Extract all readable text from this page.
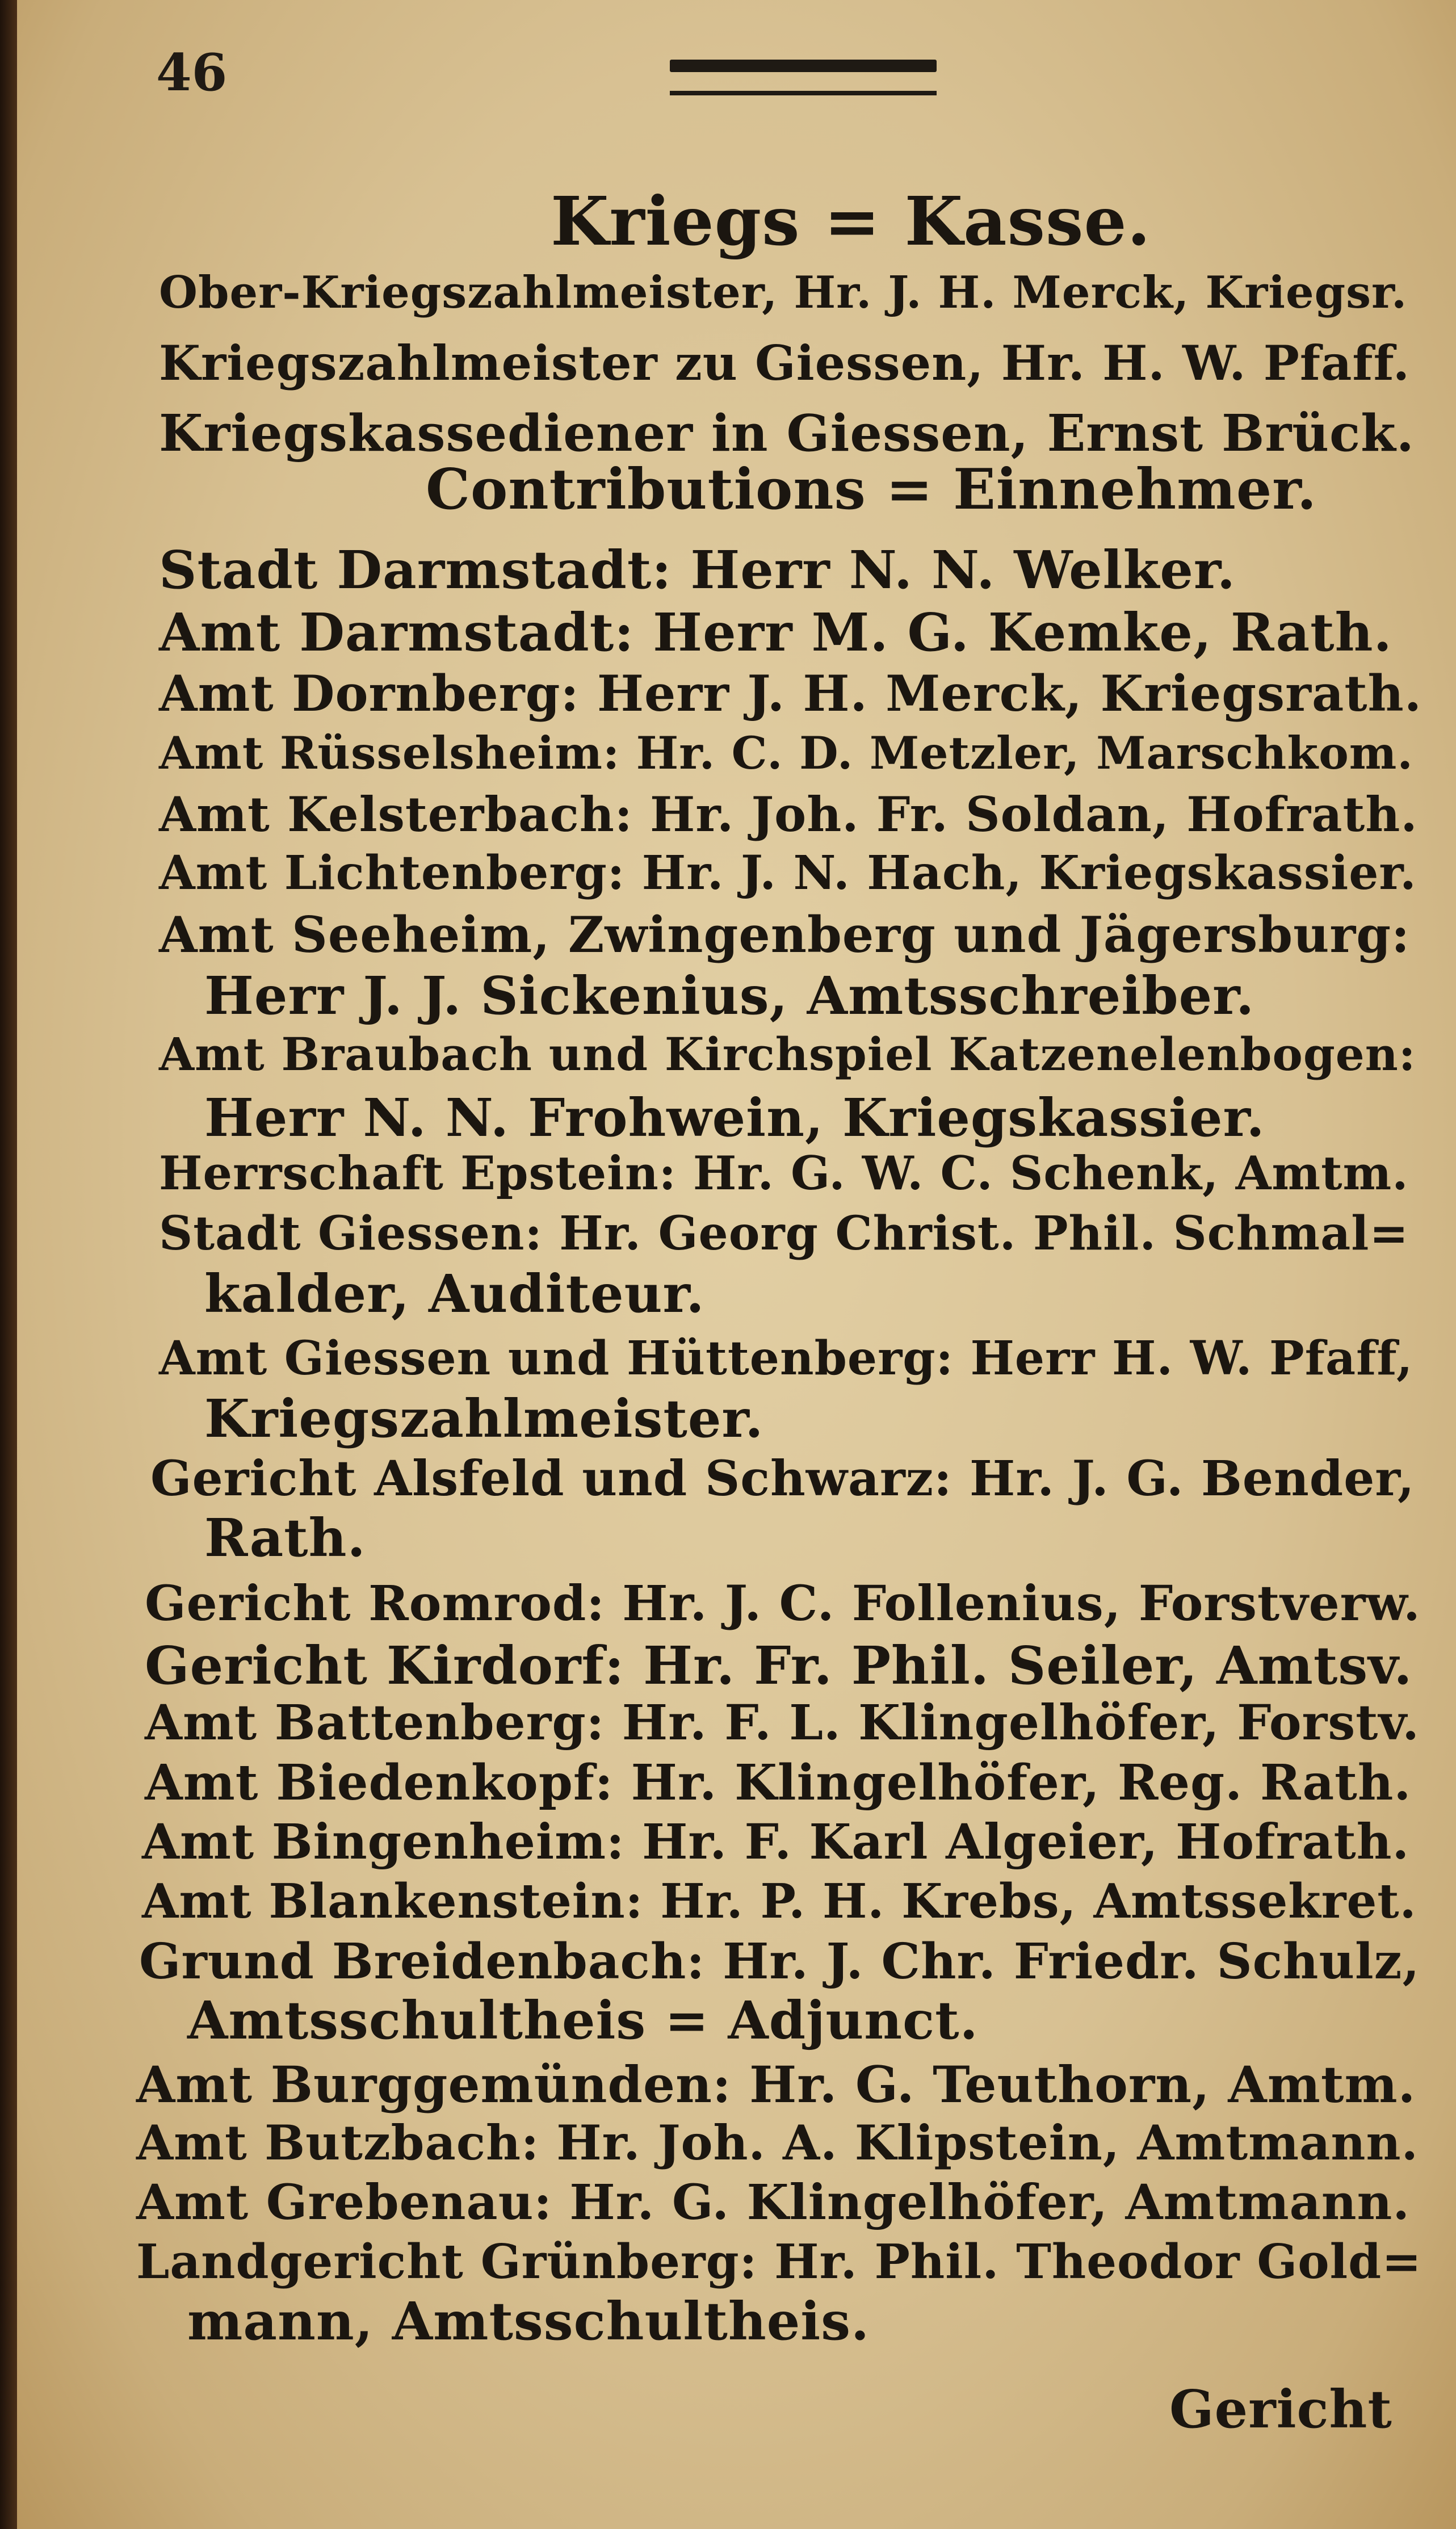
46
Kriegs = Kasse.
Ober-Kriegszahlmeister, Hr. J. H. Merck, Kriegsr.
Kriegszahlmeister zu Giessen, Hr. H. W. Pfaff.
Kriegskassediener in Giessen, Ernst Brück.
Contributions = Einnehmer.
Stadt Darmstadt: Herr N. N. Welker.
Amt Darmstadt: Herr M. G. Kemke, Rath.
Amt Dornberg: Herr J. H. Merck, Kriegsrath.
Amt Rüsselsheim: Hr. C. D. Metzler, Marschkom.
Amt Kelsterbach: Hr. Joh. Fr. Soldan, Hofrath.
Amt Lichtenberg: Hr. J. N. Hach, Kriegskassier.
Amt Seeheim, Zwingenberg und Jägersburg:
Herr J. J. Sickenius, Amtsschreiber.
Amt Braubach und Kirchspiel Katzenelenbogen:
Herr N. N. Frohwein, Kriegskassier.
Herrschaft Epstein: Hr. G. W. C. Schenk, Amtm.
Stadt Giessen: Hr. Georg Christ. Phil. Schmal=
kalder, Auditeur.
Amt Giessen und Hüttenberg: Herr H. W. Pfaff,
Kriegszahlmeister.
Gericht Alsfeld und Schwarz: Hr. J. G. Bender,
Rath.
Gericht Romrod: Hr. J. C. Follenius, Forstverw.
Gericht Kirdorf: Hr. Fr. Phil. Seiler, Amtsv.
Amt Battenberg: Hr. F. L. Klingelhöfer, Forstv.
Amt Biedenkopf: Hr. Klingelhöfer, Reg. Rath.
Amt Bingenheim: Hr. F. Karl Algeier, Hofrath.
Amt Blankenstein: Hr. P. H. Krebs, Amtssekret.
Grund Breidenbach: Hr. J. Chr. Friedr. Schulz,
Amtsschultheis = Adjunct.
Amt Burggemünden: Hr. G. Teuthorn, Amtm.
Amt Butzbach: Hr. Joh. A. Klipstein, Amtmann.
Amt Grebenau: Hr. G. Klingelhöfer, Amtmann.
Landgericht Grünberg: Hr. Phil. Theodor Gold=
mann, Amtsschultheis.
Gericht
